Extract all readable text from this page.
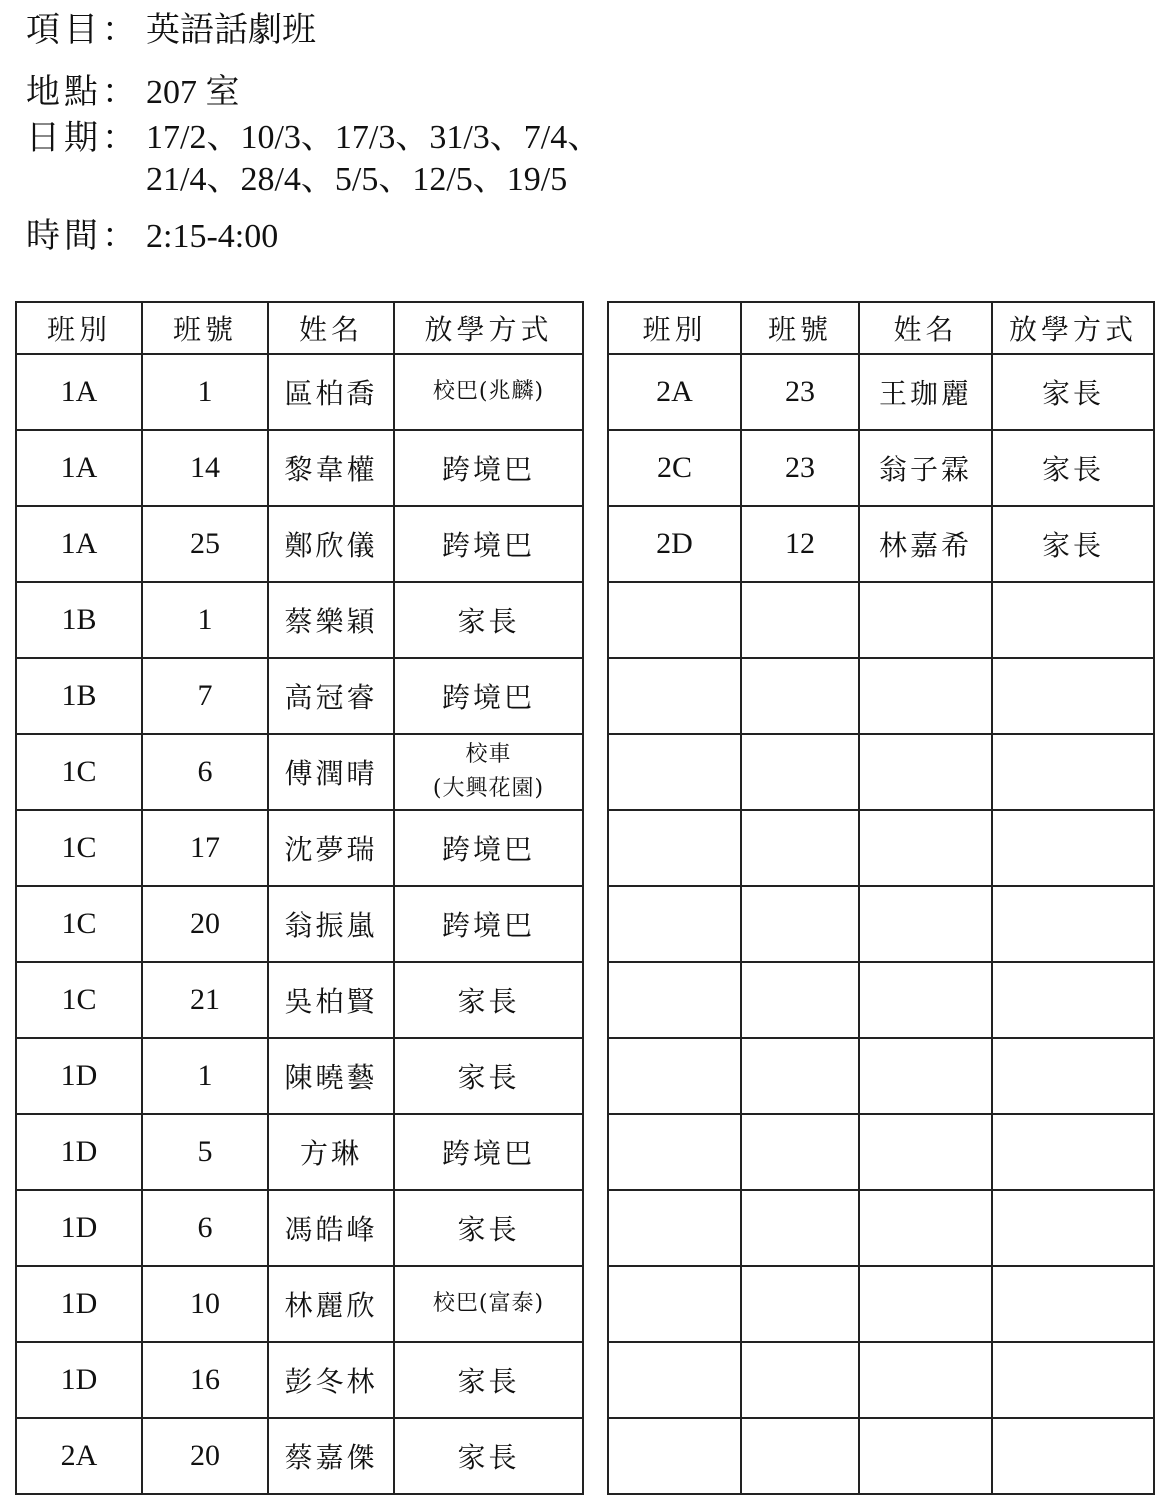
項目： 英語話劇班
地點： 207 室
日期： 17/2、10/3、17/3、31/3、7/4、
21/4、28/4、5/5、12/5、19/5
時間： 2:15-4:00
班別	班號	姓名	放學方式
1A	1	區柏喬	校巴(兆麟)
1A	14	黎韋權	跨境巴
1A	25	鄭欣儀	跨境巴
1B	1	蔡樂穎	家長
1B	7	高冠睿	跨境巴
1C	6	傅潤晴	校車
(大興花園)

1C	17	沈夢瑞	跨境巴
1C	20	翁振嵐	跨境巴
1C	21	吳柏賢	家長
1D	1	陳曉藝	家長
1D	5	方琳	跨境巴
1D	6	馮皓峰	家長
1D	10	林麗欣	校巴(富泰)
1D	16	彭冬林	家長
2A	20	蔡嘉傑	家長
班別	班號	姓名	放學方式
2A	23	王珈麗	家長
2C	23	翁子霖	家長
2D	12	林嘉希	家長
